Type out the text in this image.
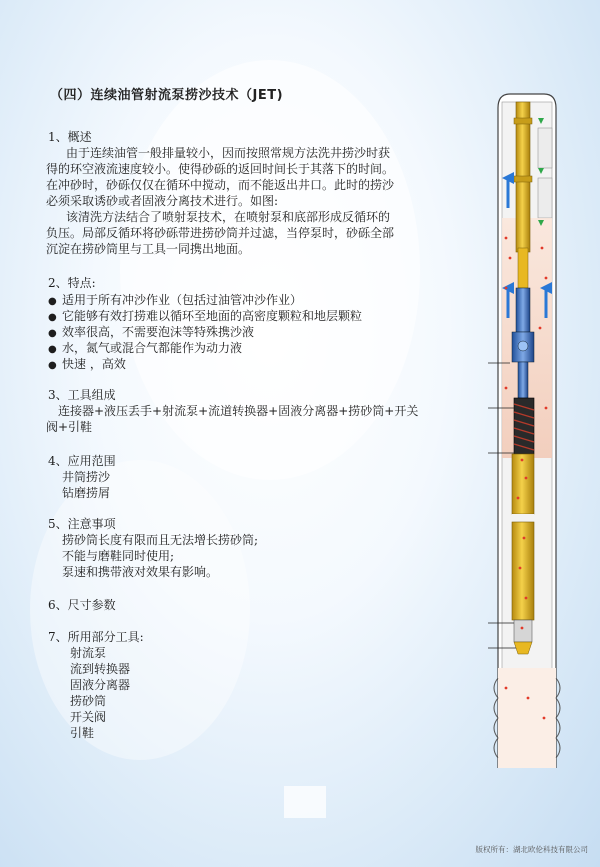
（四）连续油管射流泵捞沙技术（JET)
1、概述
由于连续油管一般排量较小，因而按照常规方法洗井捞沙时获
得的环空液流速度较小。使得砂砾的返回时间长于其落下的时间。
在冲砂时，砂砾仅仅在循环中搅动，而不能返出井口。此时的捞沙
必须采取诱砂或者固液分离技术进行。如图:
该清洗方法结合了喷射泵技术，在喷射泵和底部形成反循环的
负压。局部反循环将砂砾带进捞砂筒并过滤，当停泵时，砂砾全部
沉淀在捞砂筒里与工具一同携出地面。
2、特点:
● 适用于所有冲沙作业（包括过油管冲沙作业）
● 它能够有效打捞难以循环至地面的高密度颗粒和地层颗粒
● 效率很高，不需要泡沫等特殊携沙液
● 水，氮气或混合气都能作为动力液
● 快速 ，高效
3、工具组成
连接器+液压丢手+射流泵+流道转换器+固液分离器+捞砂筒+开关
阀+引鞋
4、应用范围
井筒捞沙
钻磨捞屑
5、注意事项
捞砂筒长度有限而且无法增长捞砂筒;
不能与磨鞋同时使用;
泵速和携带液对效果有影响。
6、尺寸参数
7、所用部分工具:
射流泵
流到转换器
固液分离器
捞砂筒
开关阀
引鞋
版权所有：湖北欧伦科技有限公司
